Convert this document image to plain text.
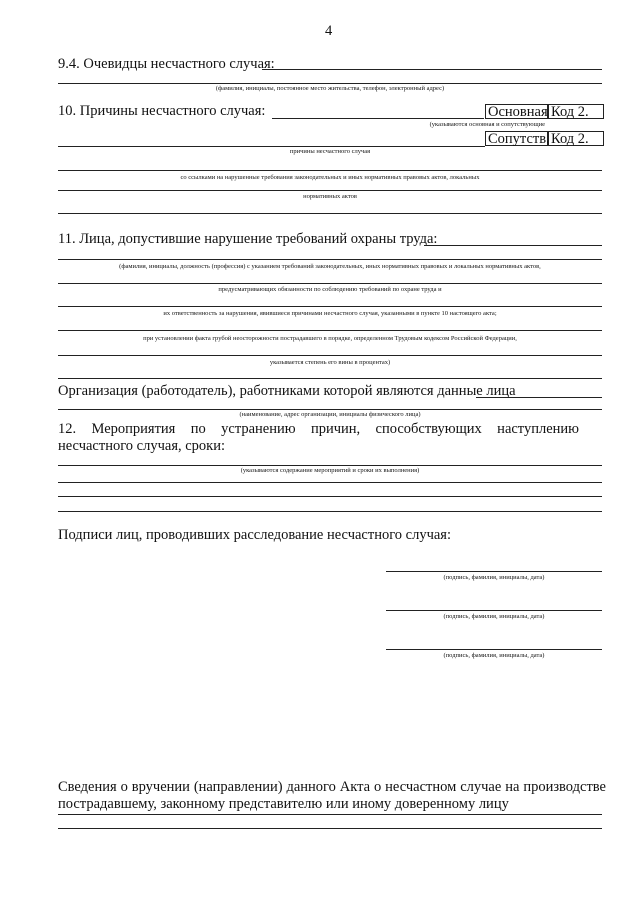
4
9.4. Очевидцы несчастного случая:
(фамилия, инициалы, постоянное место жительства, телефон, электронный адрес)
10. Причины несчастного случая:	Основная Код 2.
(указываются основная и сопутствующие
Сопутств. Код 2.
причины несчастного случая
со ссылками на нарушенные требования законодательных и иных нормативных правовых актов, локальных
нормативных актов
11. Лица, допустившие нарушение требований охраны труда:
(фамилия, инициалы, должность (профессия) с указанием требований законодательных, иных нормативных правовых и локальных нормативных актов,
предусматривающих обязанности по соблюдению требований по охране труда и
их ответственность за нарушения, явившиеся причинами несчастного случая, указанными в пункте 10 настоящего акта;
при установлении факта грубой неосторожности пострадавшего в порядке, определенном Трудовым кодексом Российской Федерации,
указывается степень его вины в процентах)
Организация (работодатель), работниками которой являются данные лица
(наименование, адрес организации, инициалы физического лица)
12. Мероприятия по устранению причин, способствующих наступлению несчастного случая, сроки:
(указываются содержание мероприятий и сроки их выполнения)
Подписи лиц, проводивших расследование несчастного случая:
(подпись, фамилия, инициалы, дата)
(подпись, фамилия, инициалы, дата)
(подпись, фамилия, инициалы, дата)
Сведения о вручении (направлении) данного Акта о несчастном случае на производстве пострадавшему, законному представителю или иному доверенному лицу
